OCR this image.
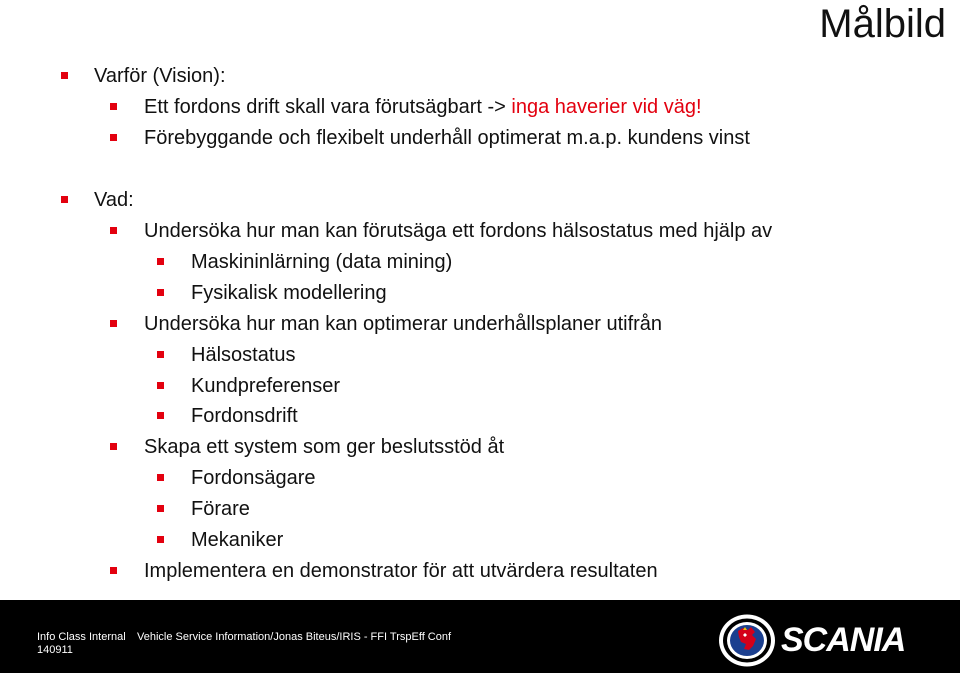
Målbild
Varför (Vision):
Ett fordons drift skall vara förutsägbart -> inga haverier vid väg!
Förebyggande och flexibelt underhåll optimerat m.a.p. kundens vinst
Vad:
Undersöka hur man kan förutsäga ett fordons hälsostatus med hjälp av
Maskininlärning (data mining)
Fysikalisk modellering
Undersöka hur man kan optimerar underhållsplaner utifrån
Hälsostatus
Kundpreferenser
Fordonsdrift
Skapa ett system som ger beslutsstöd åt
Fordonsägare
Förare
Mekaniker
Implementera en demonstrator för att utvärdera resultaten
Info Class Internal
140911
Vehicle Service Information/Jonas Biteus/IRIS - FFI TrspEff Conf	SCANIA
